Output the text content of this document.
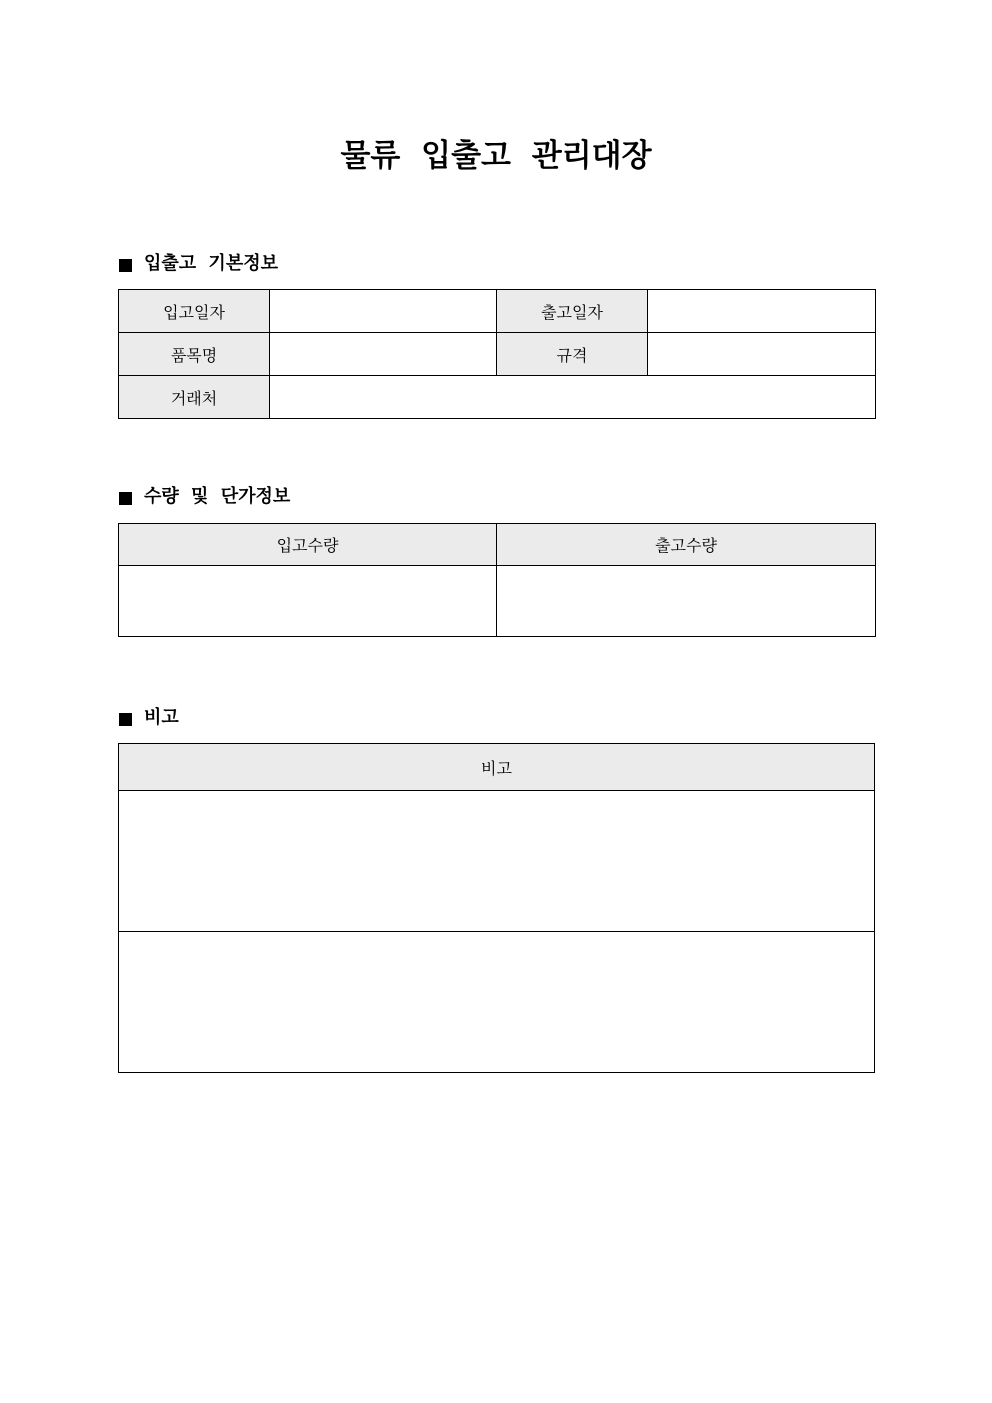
물류 입출고 관리대장
입출고 기본정보
입고일자		출고일자	
품목명		규격	
거래처			
수량 및 단가정보
입고수량	출고수량

비고
비고
